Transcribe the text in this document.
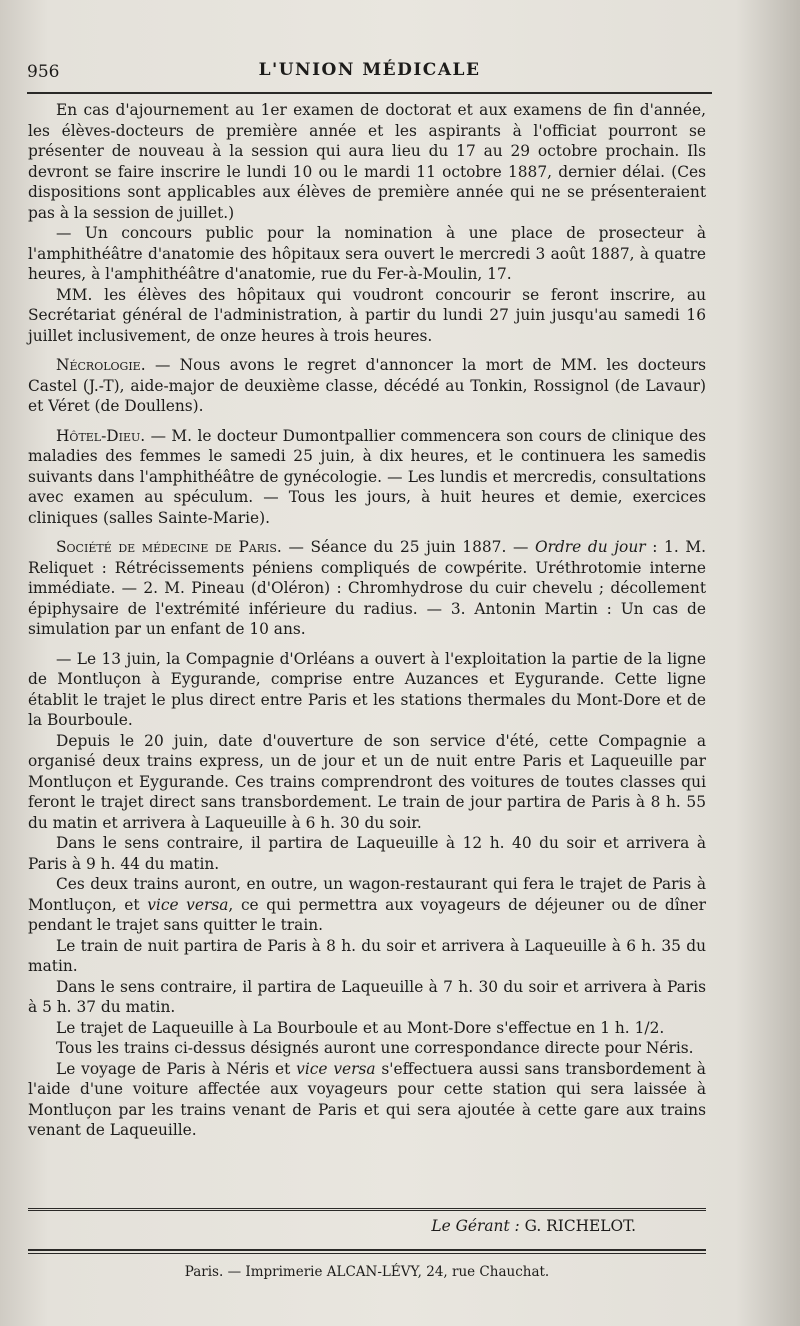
956	L'UNION MÉDICALE

En cas d'ajournement au 1er examen de doctorat et aux examens de fin d'année, les élèves-docteurs de première année et les aspirants à l'officiat pourront se présenter de nouveau à la session qui aura lieu du 17 au 29 octobre prochain. Ils devront se faire inscrire le lundi 10 ou le mardi 11 octobre 1887, dernier délai. (Ces dispositions sont applicables aux élèves de première année qui ne se présenteraient pas à la session de juillet.)

— Un concours public pour la nomination à une place de prosecteur à l'amphithéâtre d'anatomie des hôpitaux sera ouvert le mercredi 3 août 1887, à quatre heures, à l'amphithéâtre d'anatomie, rue du Fer-à-Moulin, 17.

MM. les élèves des hôpitaux qui voudront concourir se feront inscrire, au Secrétariat général de l'administration, à partir du lundi 27 juin jusqu'au samedi 16 juillet inclusivement, de onze heures à trois heures.

Nécrologie. — Nous avons le regret d'annoncer la mort de MM. les docteurs Castel (J.-T), aide-major de deuxième classe, décédé au Tonkin, Rossignol (de Lavaur) et Véret (de Doullens).

Hôtel-Dieu. — M. le docteur Dumontpallier commencera son cours de clinique des maladies des femmes le samedi 25 juin, à dix heures, et le continuera les samedis suivants dans l'amphithéâtre de gynécologie. — Les lundis et mercredis, consultations avec examen au spéculum. — Tous les jours, à huit heures et demie, exercices cliniques (salles Sainte-Marie).

Société de médecine de Paris. — Séance du 25 juin 1887. — Ordre du jour : 1. M. Reliquet : Rétrécissements péniens compliqués de cowpérite. Uréthrotomie interne immédiate. — 2. M. Pineau (d'Oléron) : Chromhydrose du cuir chevelu ; décollement épiphysaire de l'extrémité inférieure du radius. — 3. Antonin Martin : Un cas de simulation par un enfant de 10 ans.

— Le 13 juin, la Compagnie d'Orléans a ouvert à l'exploitation la partie de la ligne de Montluçon à Eygurande, comprise entre Auzances et Eygurande. Cette ligne établit le trajet le plus direct entre Paris et les stations thermales du Mont-Dore et de la Bourboule.

Depuis le 20 juin, date d'ouverture de son service d'été, cette Compagnie a organisé deux trains express, un de jour et un de nuit entre Paris et Laqueuille par Montluçon et Eygurande. Ces trains comprendront des voitures de toutes classes qui feront le trajet direct sans transbordement. Le train de jour partira de Paris à 8 h. 55 du matin et arrivera à Laqueuille à 6 h. 30 du soir.

Dans le sens contraire, il partira de Laqueuille à 12 h. 40 du soir et arrivera à Paris à 9 h. 44 du matin.

Ces deux trains auront, en outre, un wagon-restaurant qui fera le trajet de Paris à Montluçon, et vice versa, ce qui permettra aux voyageurs de déjeuner ou de dîner pendant le trajet sans quitter le train.

Le train de nuit partira de Paris à 8 h. du soir et arrivera à Laqueuille à 6 h. 35 du matin.

Dans le sens contraire, il partira de Laqueuille à 7 h. 30 du soir et arrivera à Paris à 5 h. 37 du matin.

Le trajet de Laqueuille à La Bourboule et au Mont-Dore s'effectue en 1 h. 1/2.

Tous les trains ci-dessus désignés auront une correspondance directe pour Néris.

Le voyage de Paris à Néris et vice versa s'effectuera aussi sans transbordement à l'aide d'une voiture affectée aux voyageurs pour cette station qui sera laissée à Montluçon par les trains venant de Paris et qui sera ajoutée à cette gare aux trains venant de Laqueuille.

Le Gérant : G. RICHELOT.
Paris. — Imprimerie ALCAN-LÉVY, 24, rue Chauchat.
